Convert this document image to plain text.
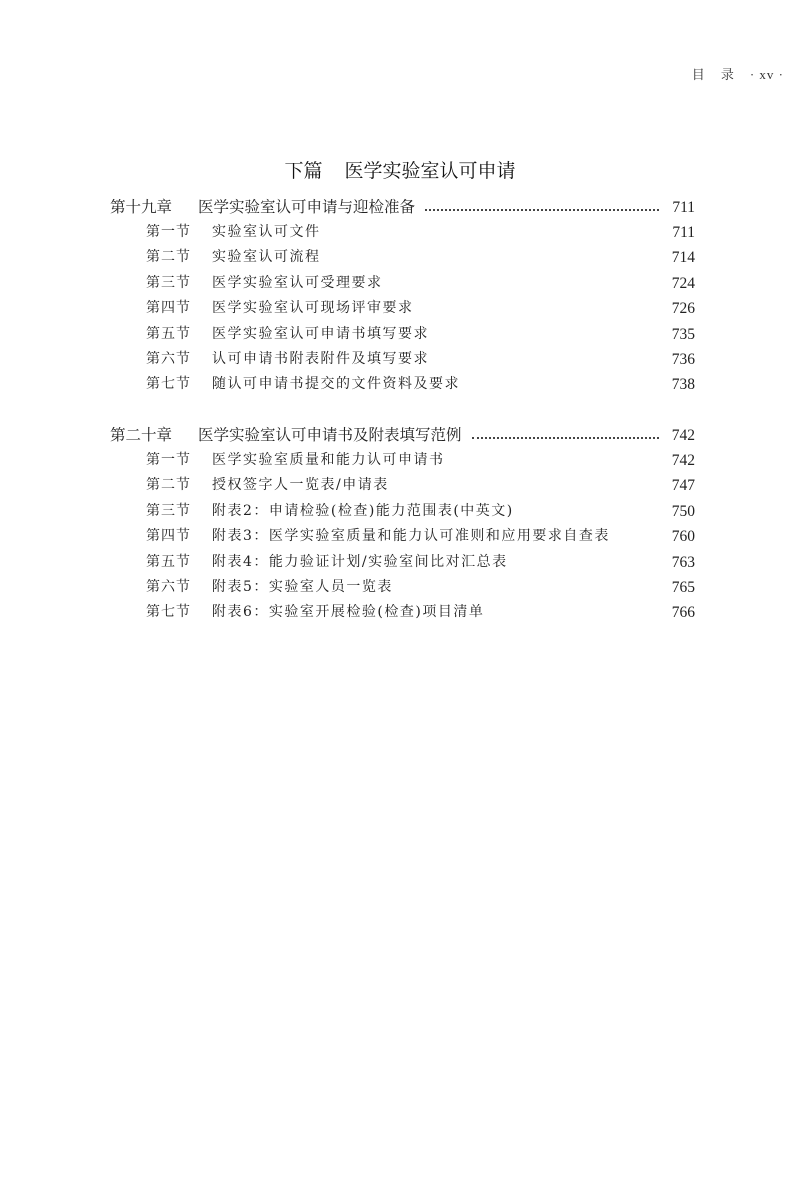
目 录 · xv ·
下篇 医学实验室认可申请
第十九章	医学实验室认可申请与迎检准备	711
第一节	实验室认可文件	711
第二节	实验室认可流程	714
第三节	医学实验室认可受理要求	724
第四节	医学实验室认可现场评审要求	726
第五节	医学实验室认可申请书填写要求	735
第六节	认可申请书附表附件及填写要求	736
第七节	随认可申请书提交的文件资料及要求	738
第二十章	医学实验室认可申请书及附表填写范例	742
第一节	医学实验室质量和能力认可申请书	742
第二节	授权签字人一览表/申请表	747
第三节	附表2：申请检验(检查)能力范围表(中英文)	750
第四节	附表3：医学实验室质量和能力认可准则和应用要求自查表	760
第五节	附表4：能力验证计划/实验室间比对汇总表	763
第六节	附表5：实验室人员一览表	765
第七节	附表6：实验室开展检验(检查)项目清单	766
